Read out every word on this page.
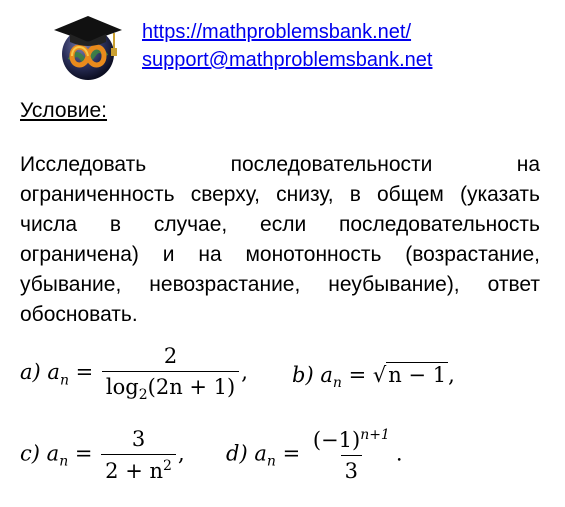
https://mathproblemsbank.net/
support@mathproblemsbank.net
Условие:
Исследовать последовательности на ограниченность сверху, снизу, в общем (указать числа в случае, если последовательность ограничена) и на монотонность (возрастание, убывание, невозрастание, неубывание), ответ обосновать.
a) $a_n = \frac{2}{\log_2(2n + 1)}$ , b) $a_n = √n - 1$,
c) $a_n = \frac{3}{2 + n^2}$ , d) $a_n = \frac{(-1)^{n+1}}{3}$ .
